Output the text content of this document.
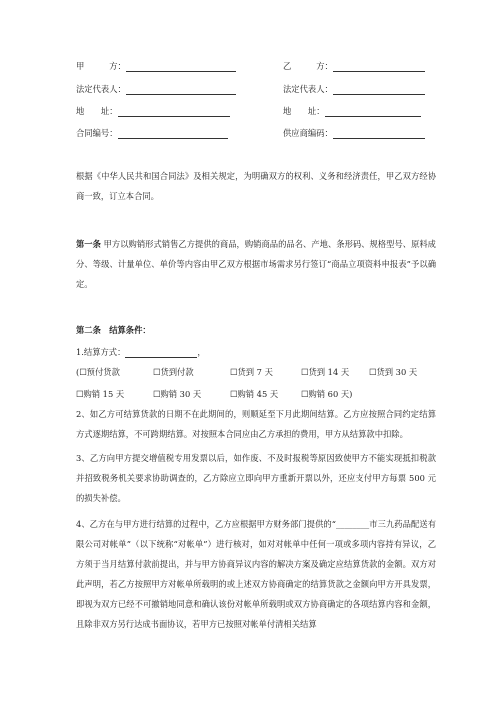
甲　　　方：	乙　　　方：
法定代表人：	法定代表人：
地　　址：	地　　址：
合同编号：	供应商编码：
根据《中华人民共和国合同法》及相关规定，为明确双方的权利、义务和经济责任，甲乙双方经协商一致，订立本合同。
第一条 甲方以购销形式销售乙方提供的商品，购销商品的品名、产地、条形码、规格型号、原料成分、等级、计量单位、单价等内容由甲乙双方根据市场需求另行签订“商品立项资料申报表”予以确定。
第二条　结算条件：
1.结算方式：	，
(☐预付货款	☐货到付款	☐货到 7 天	☐货到 14 天 ☐货到 30 天
☐购销 15 天	☐购销 30 天	☐购销 45 天	☐购销 60 天)
2、如乙方可结算货款的日期不在此期间的，则顺延至下月此期间结算。乙方应按照合同约定结算方式逐期结算，不可跨期结算。对按照本合同应由乙方承担的费用，甲方从结算款中扣除。
3、乙方向甲方提交增值税专用发票以后，如作废、不及时报税等原因致使甲方不能实现抵扣税款并招致税务机关要求协助调查的，乙方除应立即向甲方重新开票以外，还应支付甲方每票 500 元的损失补偿。
4、乙方在与甲方进行结算的过程中，乙方应根据甲方财务部门提供的“________市三九药品配送有限公司对帐单”（以下统称“对帐单”）进行核对，如对对帐单中任何一项或多项内容持有异议，乙方须于当月结算付款前提出，并与甲方协商异议内容的解决方案及确定应结算货款的金额。双方对此声明，若乙方按照甲方对帐单所载明的或上述双方协商确定的结算货款之金额向甲方开具发票，即视为双方已经不可撤销地同意和确认该份对帐单所载明或双方协商确定的各项结算内容和金额，且除非双方另行达成书面协议，若甲方已按照对帐单付清相关结算
